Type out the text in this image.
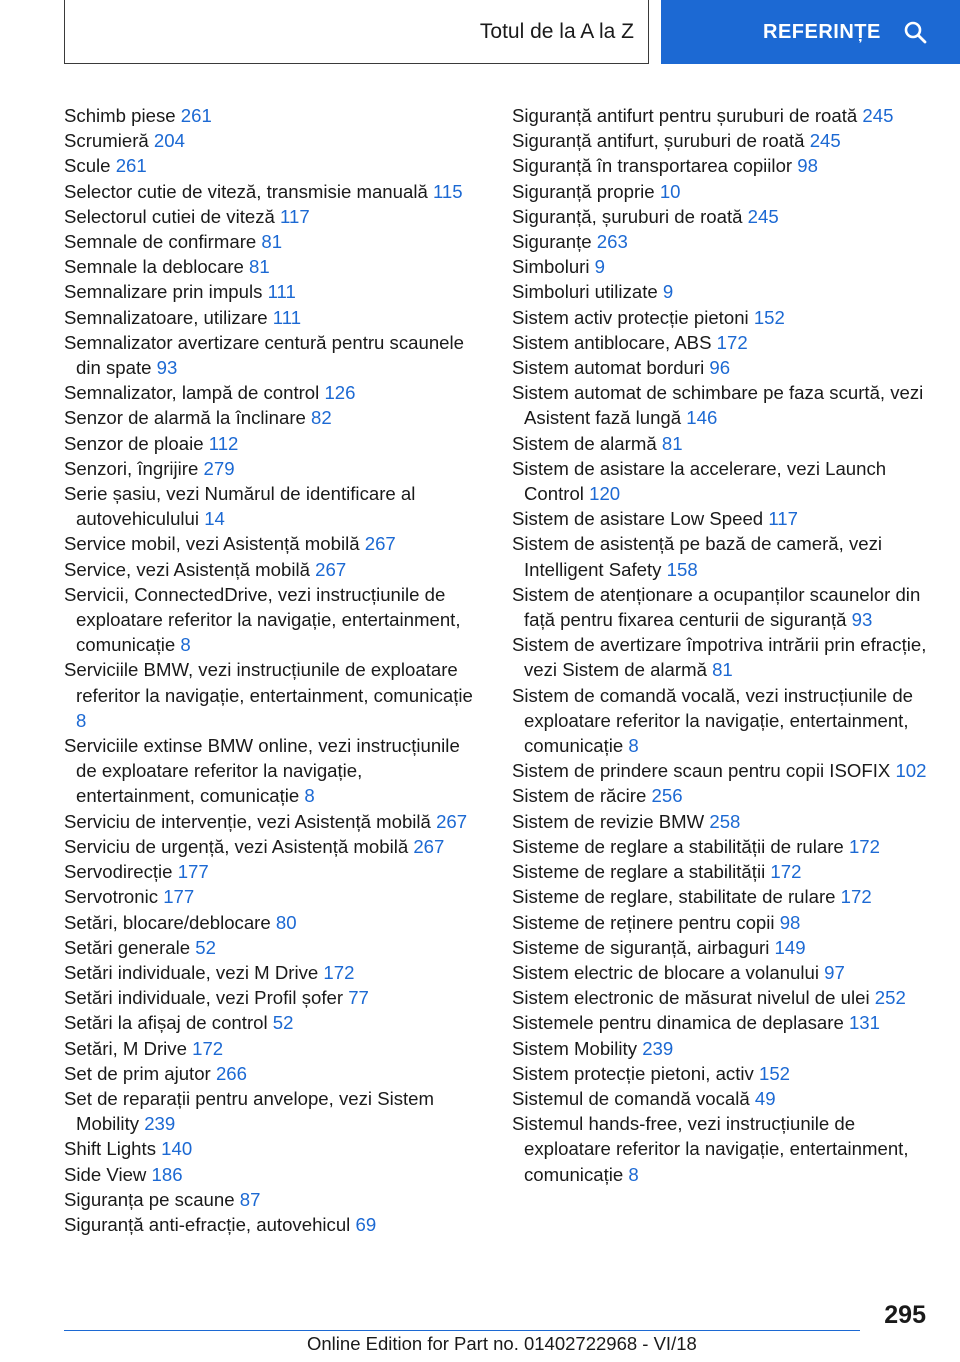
Totul de la A la Z	REFERINȚE
Schimb piese 261
Scrumieră 204
Scule 261
Selector cutie de viteză, transmisie manuală 115
Selectorul cutiei de viteză 117
Semnale de confirmare 81
Semnale la deblocare 81
Semnalizare prin impuls 111
Semnalizatoare, utilizare 111
Semnalizator avertizare centură pentru scaunele din spate 93
Semnalizator, lampă de control 126
Senzor de alarmă la înclinare 82
Senzor de ploaie 112
Senzori, îngrijire 279
Serie șasiu, vezi Numărul de identificare al autovehiculului 14
Service mobil, vezi Asistență mobilă 267
Service, vezi Asistență mobilă 267
Servicii, ConnectedDrive, vezi instrucțiunile de exploatare referitor la navigație, entertainment, comunicație 8
Serviciile BMW, vezi instrucțiunile de exploatare referitor la navigație, entertainment, comunicație 8
Serviciile extinse BMW online, vezi instrucțiunile de exploatare referitor la navigație, entertainment, comunicație 8
Serviciu de intervenție, vezi Asistență mobilă 267
Serviciu de urgență, vezi Asistență mobilă 267
Servodirecție 177
Servotronic 177
Setări, blocare/deblocare 80
Setări generale 52
Setări individuale, vezi M Drive 172
Setări individuale, vezi Profil șofer 77
Setări la afișaj de control 52
Setări, M Drive 172
Set de prim ajutor 266
Set de reparații pentru anvelope, vezi Sistem Mobility 239
Shift Lights 140
Side View 186
Siguranța pe scaune 87
Siguranță anti-efracție, autovehicul 69
Siguranță antifurt pentru șuruburi de roată 245
Siguranță antifurt, șuruburi de roată 245
Siguranță în transportarea copiilor 98
Siguranță proprie 10
Siguranță, șuruburi de roată 245
Siguranțe 263
Simboluri 9
Simboluri utilizate 9
Sistem activ protecție pietoni 152
Sistem antiblocare, ABS 172
Sistem automat borduri 96
Sistem automat de schimbare pe faza scurtă, vezi Asistent fază lungă 146
Sistem de alarmă 81
Sistem de asistare la accelerare, vezi Launch Control 120
Sistem de asistare Low Speed 117
Sistem de asistență pe bază de cameră, vezi Intelligent Safety 158
Sistem de atenționare a ocupanților scaunelor din față pentru fixarea centurii de siguranță 93
Sistem de avertizare împotriva intrării prin efracție, vezi Sistem de alarmă 81
Sistem de comandă vocală, vezi instrucțiunile de exploatare referitor la navigație, entertainment, comunicație 8
Sistem de prindere scaun pentru copii ISOFIX 102
Sistem de răcire 256
Sistem de revizie BMW 258
Sisteme de reglare a stabilității de rulare 172
Sisteme de reglare a stabilității 172
Sisteme de reglare, stabilitate de rulare 172
Sisteme de reținere pentru copii 98
Sisteme de siguranță, airbaguri 149
Sistem electric de blocare a volanului 97
Sistem electronic de măsurat nivelul de ulei 252
Sistemele pentru dinamica de deplasare 131
Sistem Mobility 239
Sistem protecție pietoni, activ 152
Sistemul de comandă vocală 49
Sistemul hands-free, vezi instrucțiunile de exploatare referitor la navigație, entertainment, comunicație 8
295
Online Edition for Part no. 01402722968 - VI/18
